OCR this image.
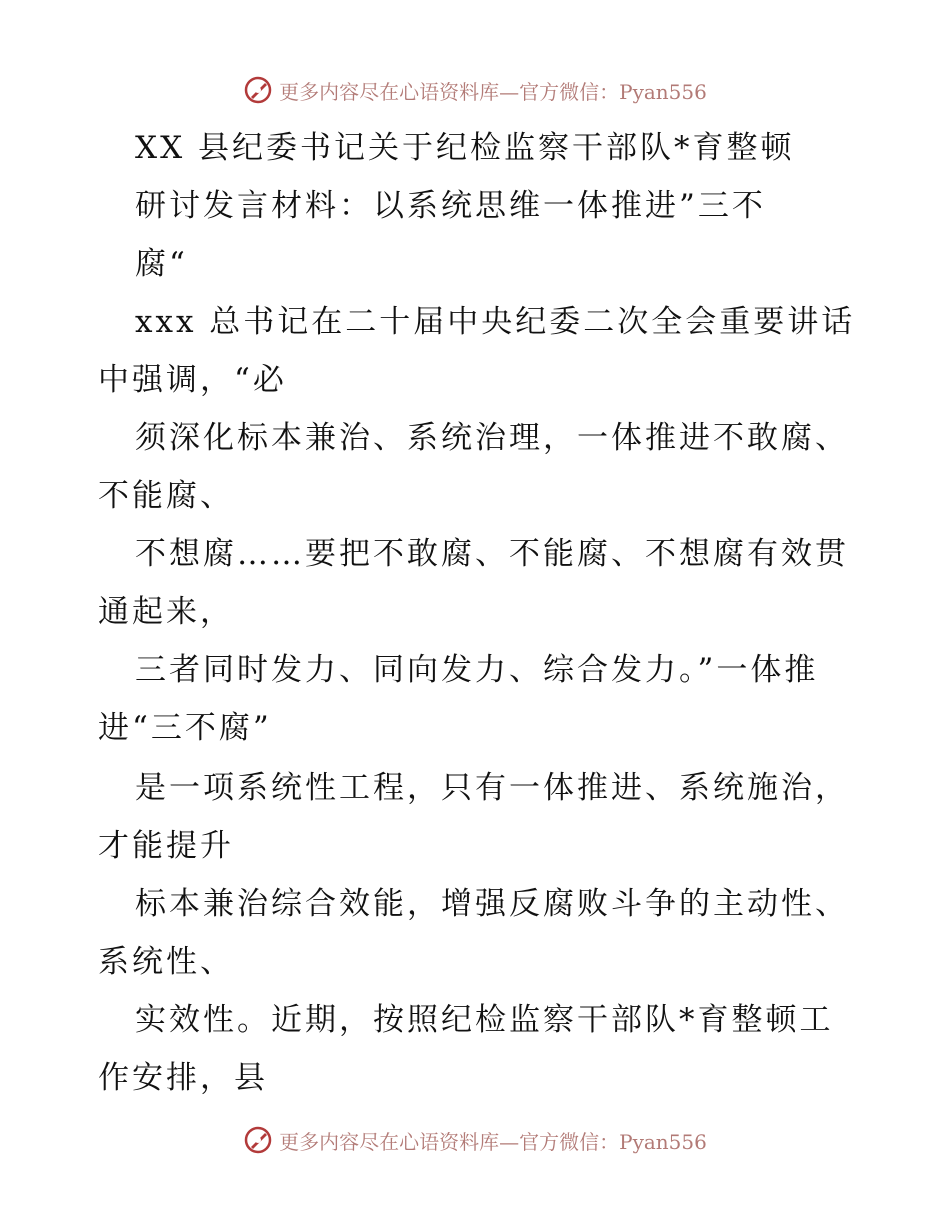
更多内容尽在心语资料库—官方微信：Pyan556
XX 县纪委书记关于纪检监察干部队*育整顿
研讨发言材料：以系统思维一体推进”三不
腐“
xxx 总书记在二十届中央纪委二次全会重要讲话
中强调，“必
须深化标本兼治、系统治理，一体推进不敢腐、
不能腐、
不想腐……要把不敢腐、不能腐、不想腐有效贯
通起来，
三者同时发力、同向发力、综合发力。”一体推
进“三不腐”
是一项系统性工程，只有一体推进、系统施治，
才能提升
标本兼治综合效能，增强反腐败斗争的主动性、
系统性、
实效性。近期，按照纪检监察干部队*育整顿工
作安排，县
更多内容尽在心语资料库—官方微信：Pyan556
